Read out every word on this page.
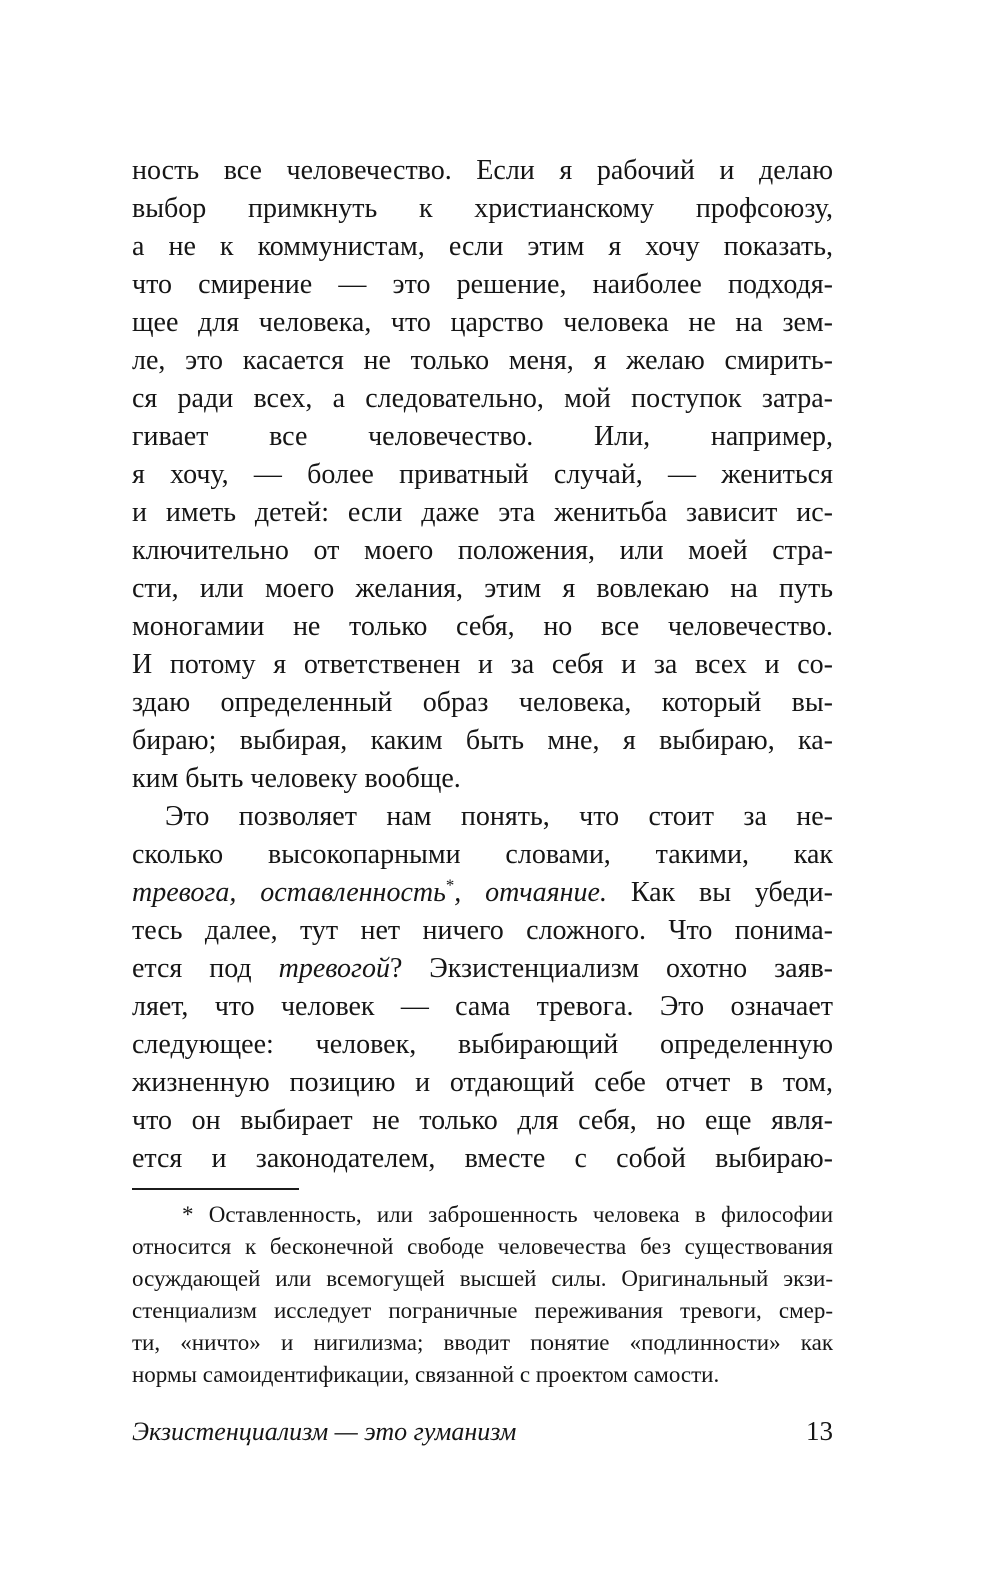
ность все человечество. Если я рабочий и делаю
выбор примкнуть к христианскому профсоюзу,
а не к коммунистам, если этим я хочу показать,
что смирение — это решение, наиболее подходя-
щее для человека, что царство человека не на зем-
ле, это касается не только меня, я желаю смирить-
ся ради всех, а следовательно, мой поступок затра-
гивает все человечество. Или, например,
я хочу, — более приватный случай, — жениться
и иметь детей: если даже эта женитьба зависит ис-
ключительно от моего положения, или моей стра-
сти, или моего желания, этим я вовлекаю на путь
моногамии не только себя, но все человечество.
И потому я ответственен и за себя и за всех и со-
здаю определенный образ человека, который вы-
бираю; выбирая, каким быть мне, я выбираю, ка-
ким быть человеку вообще.
Это позволяет нам понять, что стоит за не-
сколько высокопарными словами, такими, как
тревога, оставленность*, отчаяние. Как вы убеди-
тесь далее, тут нет ничего сложного. Что понима-
ется под тревогой? Экзистенциализм охотно заяв-
ляет, что человек — сама тревога. Это означает
следующее: человек, выбирающий определенную
жизненную позицию и отдающий себе отчет в том,
что он выбирает не только для себя, но еще явля-
ется и законодателем, вместе с собой выбираю-
* Оставленность, или заброшенность человека в философии
относится к бесконечной свободе человечества без существования
осуждающей или всемогущей высшей силы. Оригинальный экзи-
стенциализм исследует пограничные переживания тревоги, смер-
ти, «ничто» и нигилизма; вводит понятие «подлинности» как
нормы самоидентификации, связанной с проектом самости.
Экзистенциализм — это гуманизм	13
